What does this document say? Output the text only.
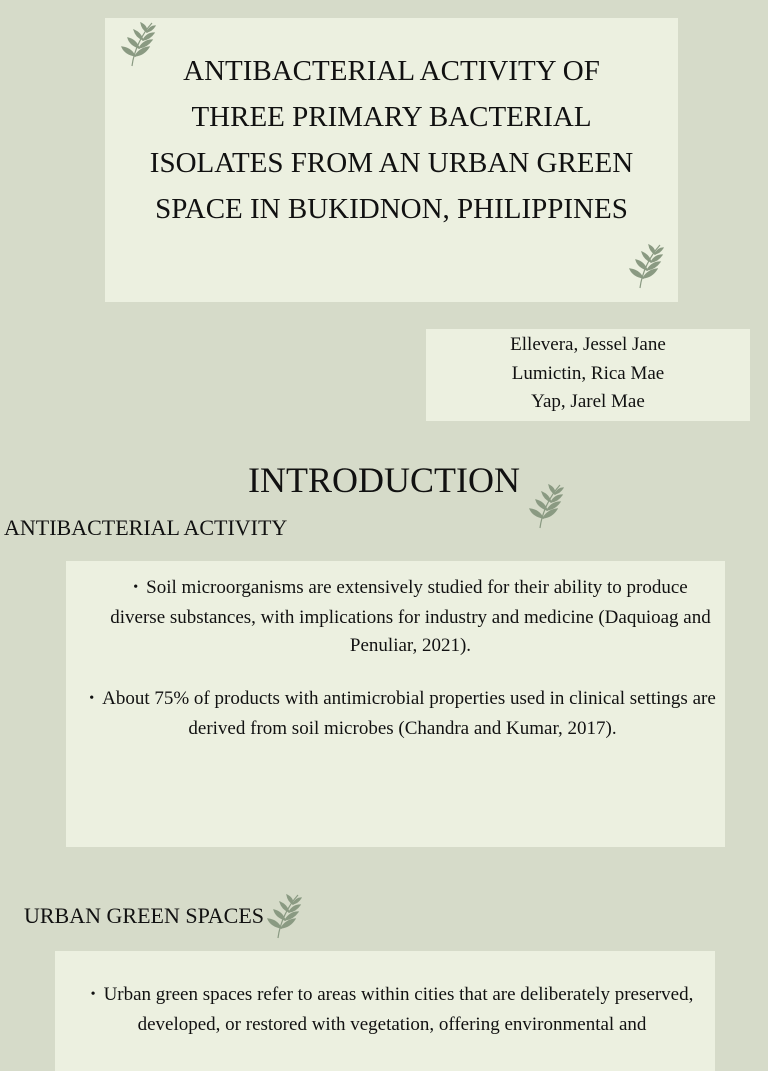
ANTIBACTERIAL ACTIVITY OF THREE PRIMARY BACTERIAL ISOLATES FROM AN URBAN GREEN SPACE IN BUKIDNON, PHILIPPINES
Ellevera, Jessel Jane
Lumictin, Rica Mae
Yap, Jarel Mae
INTRODUCTION
ANTIBACTERIAL ACTIVITY
• Soil microorganisms are extensively studied for their ability to produce diverse substances, with implications for industry and medicine (Daquioag and Penuliar, 2021).
• About 75% of products with antimicrobial properties used in clinical settings are derived from soil microbes (Chandra and Kumar, 2017).
URBAN GREEN SPACES
• Urban green spaces refer to areas within cities that are deliberately preserved, developed, or restored with vegetation, offering environmental and
